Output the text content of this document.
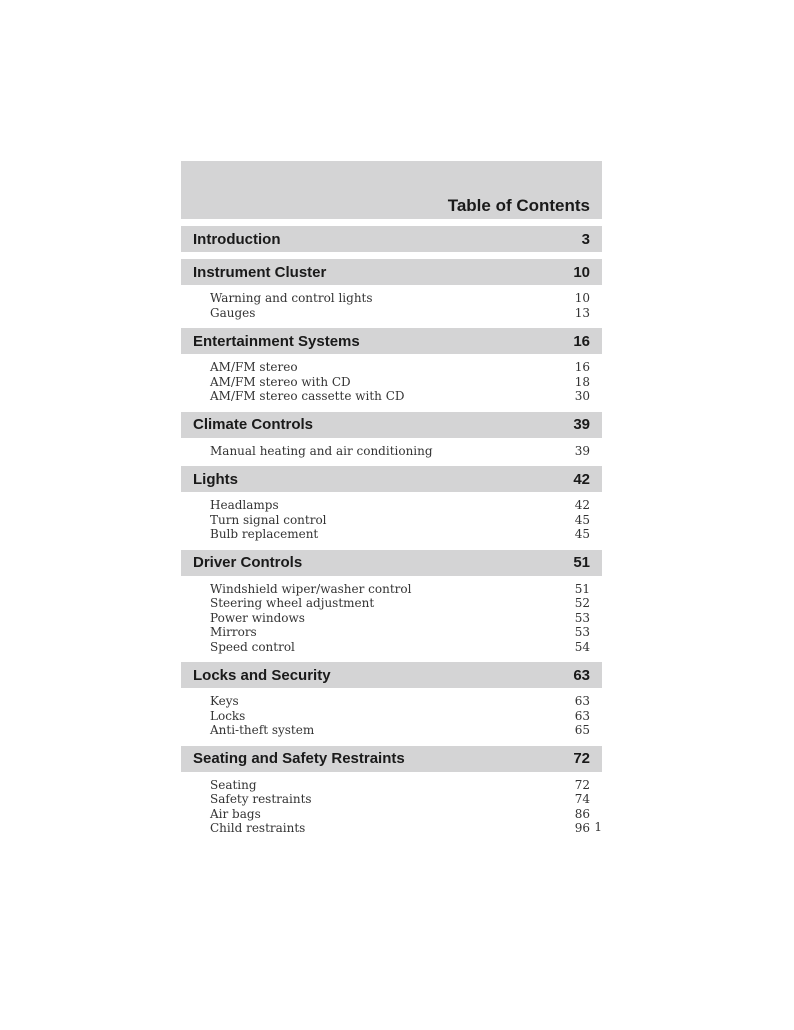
Table of Contents
Introduction	3
Instrument Cluster	10
Warning and control lights	10
Gauges	13
Entertainment Systems	16
AM/FM stereo	16
AM/FM stereo with CD	18
AM/FM stereo cassette with CD	30
Climate Controls	39
Manual heating and air conditioning	39
Lights	42
Headlamps	42
Turn signal control	45
Bulb replacement	45
Driver Controls	51
Windshield wiper/washer control	51
Steering wheel adjustment	52
Power windows	53
Mirrors	53
Speed control	54
Locks and Security	63
Keys	63
Locks	63
Anti-theft system	65
Seating and Safety Restraints	72
Seating	72
Safety restraints	74
Air bags	86
Child restraints	96 1
